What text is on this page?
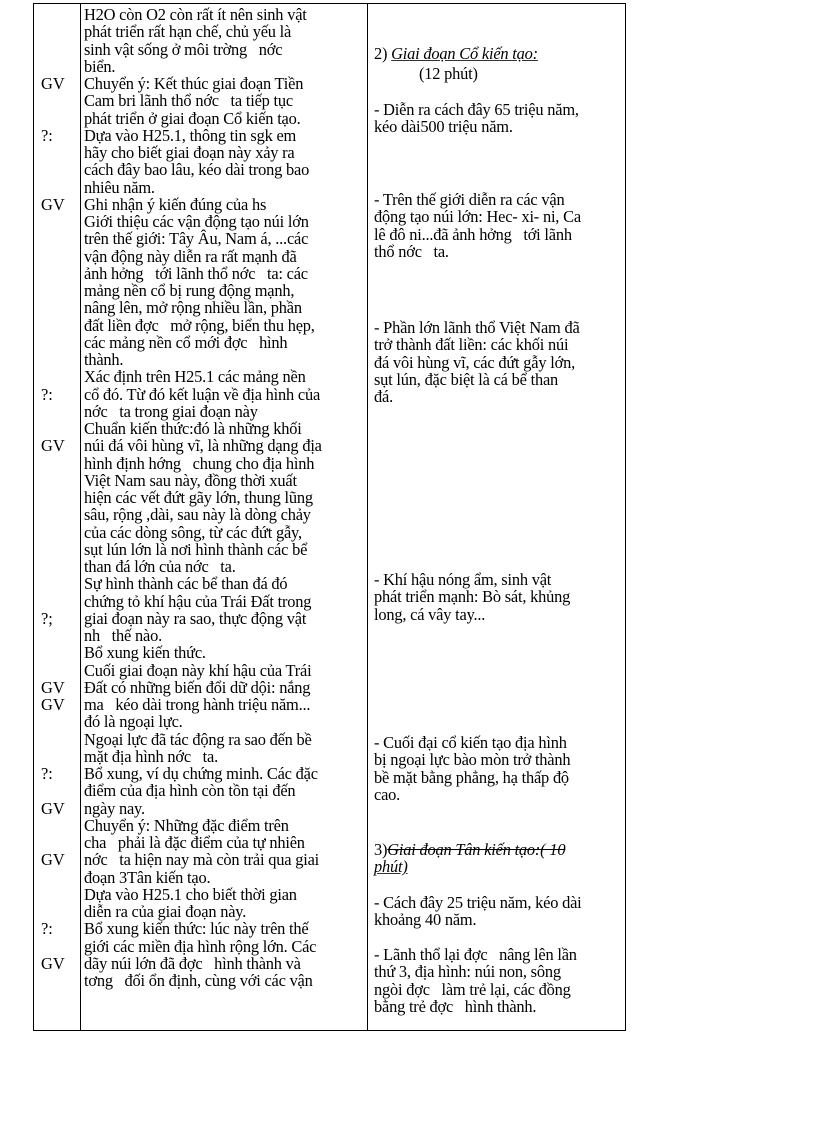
GV
?:
GV
?:
GV
?;
GV
GV
?:
GV
GV
?:
GV
H2O còn O2 còn rất ít nên sinh vật
phát triển rất hạn chế, chủ yếu là
sinh vật sống ở môi trờng   nớc
biển.
Chuyển ý: Kết thúc giai đoạn Tiền
Cam bri lãnh thổ nớc   ta tiếp tục
phát triển ở giai đoạn Cổ kiến tạo.
Dựa vào H25.1, thông tin sgk em
hãy cho biết giai đoạn này xảy ra
cách đây bao lâu, kéo dài trong bao
nhiêu năm.
Ghi nhận ý kiến đúng của hs
Giới thiệu các vận động tạo núi lớn
trên thế giới: Tây Âu, Nam á, ...các
vận động này diễn ra rất mạnh đã
ảnh hởng   tới lãnh thổ nớc   ta: các
mảng nền cổ bị rung động mạnh,
nâng lên, mở rộng nhiều lần, phần
đất liền đợc   mở rộng, biển thu hẹp,
các mảng nền cổ mới đợc   hình
thành.
Xác định trên H25.1 các mảng nền
cổ đó. Từ đó kết luận về địa hình của
nớc   ta trong giai đoạn này
Chuẩn kiến thức:đó là những khối
núi đá vôi hùng vĩ, là những dạng địa
hình định hớng   chung cho địa hình
Việt Nam sau này, đồng thời xuất
hiện các vết đứt gãy lớn, thung lũng
sâu, rộng ,dài, sau này là dòng chảy
của các dòng sông, từ các đứt gẫy,
sụt lún lớn là nơi hình thành các bể
than đá lớn của nớc   ta.
Sự hình thành các bể than đá đó
chứng tỏ khí hậu của Trái Đất trong
giai đoạn này ra sao, thực động vật
nh   thế nào.
Bổ xung kiến thức.
Cuối giai đoạn này khí hậu của Trái
Đất có những biến đổi dữ dội: nắng
ma   kéo dài trong hành triệu năm...
đó là ngoại lực.
Ngoại lực đã tác động ra sao đến bề
mặt địa hình nớc   ta.
Bổ xung, ví dụ chứng minh. Các đặc
điểm của địa hình còn tồn tại đến
ngày nay.
Chuyển ý: Những đặc điểm trên
cha   phải là đặc điểm của tự nhiên
nớc   ta hiện nay mà còn trải qua giai
đoạn 3Tân kiến tạo.
Dựa vào H25.1 cho biết thời gian
diễn ra của giai đoạn này.
Bổ xung kiến thức: lúc này trên thế
giới các miền địa hình rộng lớn. Các
dãy núi lớn đã đợc   hình thành và
tơng   đối ổn định, cùng với các vận
2) Giai đoạn Cổ kiến tạo:
(12 phút)
- Diễn ra cách đây 65 triệu năm,
kéo dài500 triệu năm.
- Trên thế giới diễn ra các vận
động tạo núi lớn: Hec- xi- ni, Ca
lê đô ni...đã ảnh hởng   tới lãnh
thổ nớc   ta.
- Phần lớn lãnh thổ Việt Nam đã
trở thành đất liền: các khối núi
đá vôi hùng vĩ, các đứt gẫy lớn,
sụt lún, đặc biệt là cá bể than
đá.
- Khí hậu nóng ẩm, sinh vật
phát triển mạnh: Bò sát, khủng
long, cá vây tay...
- Cuối đại cổ kiến tạo địa hình
bị ngoại lực bào mòn trở thành
bề mặt bằng phẳng, hạ thấp độ
cao.
3)Giai đoạn Tân kiến tạo:( 10
phút)
- Cách đây 25 triệu năm, kéo dài
khoảng 40 năm.
- Lãnh thổ lại đợc   nâng lên lần
thứ 3, địa hình: núi non, sông
ngòi đợc   làm trẻ lại, các đồng
bằng trẻ đợc   hình thành.
